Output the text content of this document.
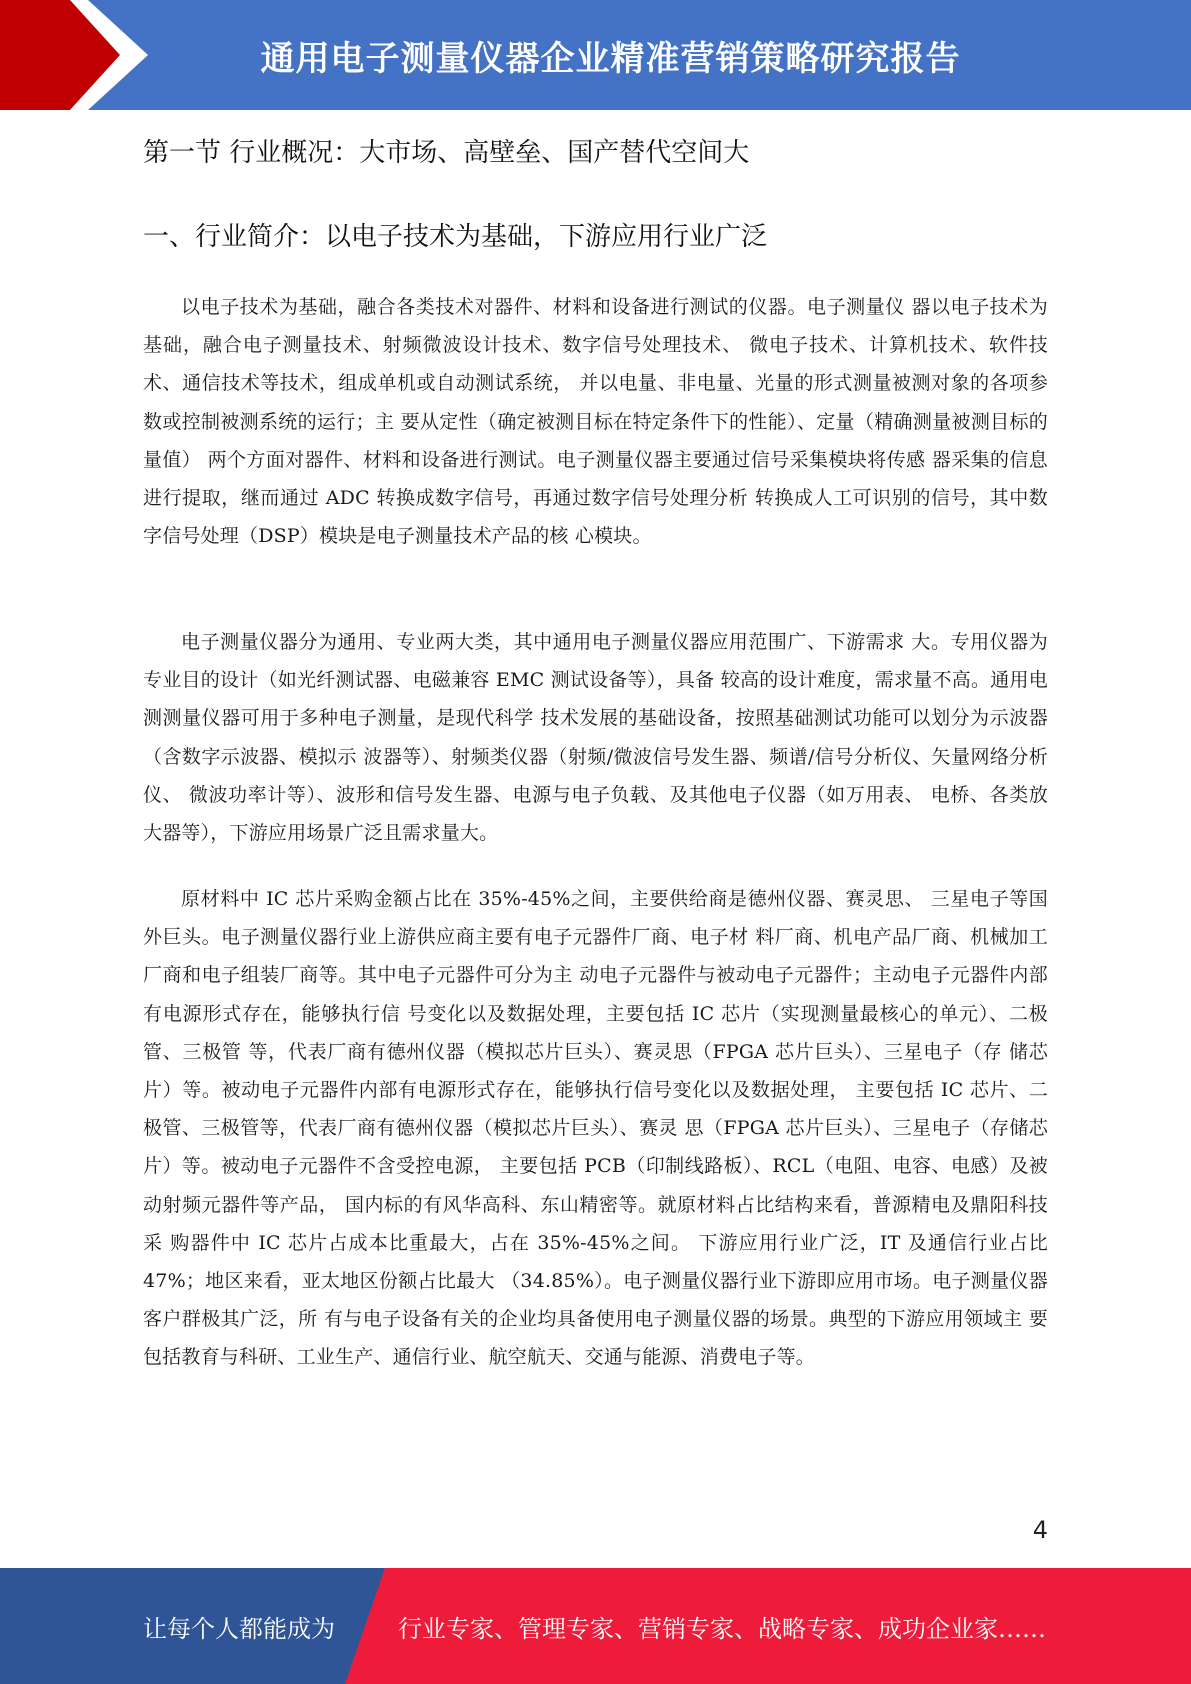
通用电子测量仪器企业精准营销策略研究报告
第一节 行业概况：大市场、高壁垒、国产替代空间大
一、行业简介：以电子技术为基础，下游应用行业广泛

以电子技术为基础，融合各类技术对器件、材料和设备进行测试的仪器。电子测量仪 器以电子技术为基础，融合电子测量技术、射频微波设计技术、数字信号处理技术、 微电子技术、计算机技术、软件技术、通信技术等技术，组成单机或自动测试系统， 并以电量、非电量、光量的形式测量被测对象的各项参数或控制被测系统的运行；主 要从定性（确定被测目标在特定条件下的性能）、定量（精确测量被测目标的量值） 两个方面对器件、材料和设备进行测试。电子测量仪器主要通过信号采集模块将传感 器采集的信息进行提取，继而通过 ADC 转换成数字信号，再通过数字信号处理分析 转换成人工可识别的信号，其中数字信号处理（DSP）模块是电子测量技术产品的核 心模块。

电子测量仪器分为通用、专业两大类，其中通用电子测量仪器应用范围广、下游需求 大。专用仪器为专业目的设计（如光纤测试器、电磁兼容 EMC 测试设备等），具备 较高的设计难度，需求量不高。通用电测测量仪器可用于多种电子测量，是现代科学 技术发展的基础设备，按照基础测试功能可以划分为示波器（含数字示波器、模拟示 波器等）、射频类仪器（射频/微波信号发生器、频谱/信号分析仪、矢量网络分析仪、 微波功率计等）、波形和信号发生器、电源与电子负载、及其他电子仪器（如万用表、 电桥、各类放大器等），下游应用场景广泛且需求量大。

原材料中 IC 芯片采购金额占比在 35%-45%之间，主要供给商是德州仪器、赛灵思、 三星电子等国外巨头。电子测量仪器行业上游供应商主要有电子元器件厂商、电子材 料厂商、机电产品厂商、机械加工厂商和电子组装厂商等。其中电子元器件可分为主 动电子元器件与被动电子元器件；主动电子元器件内部有电源形式存在，能够执行信 号变化以及数据处理，主要包括 IC 芯片（实现测量最核心的单元）、二极管、三极管 等，代表厂商有德州仪器（模拟芯片巨头）、赛灵思（FPGA 芯片巨头）、三星电子（存 储芯片）等。被动电子元器件内部有电源形式存在，能够执行信号变化以及数据处理， 主要包括 IC 芯片、二极管、三极管等，代表厂商有德州仪器（模拟芯片巨头）、赛灵 思（FPGA 芯片巨头）、三星电子（存储芯片）等。被动电子元器件不含受控电源， 主要包括 PCB（印制线路板）、RCL（电阻、电容、电感）及被动射频元器件等产品， 国内标的有风华高科、东山精密等。就原材料占比结构来看，普源精电及鼎阳科技采 购器件中 IC 芯片占成本比重最大，占在 35%-45%之间。 下游应用行业广泛，IT 及通信行业占比 47%；地区来看，亚太地区份额占比最大 （34.85%）。电子测量仪器行业下游即应用市场。电子测量仪器客户群极其广泛，所 有与电子设备有关的企业均具备使用电子测量仪器的场景。典型的下游应用领域主 要包括教育与科研、工业生产、通信行业、航空航天、交通与能源、消费电子等。

4
让每个人都能成为	行业专家、管理专家、营销专家、战略专家、成功企业家……
